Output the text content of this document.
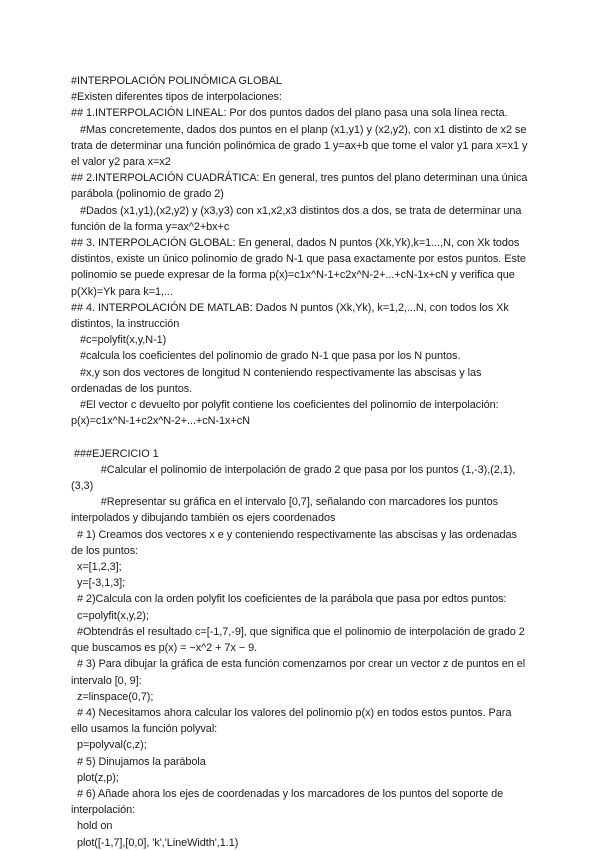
#INTERPOLACIÓN POLINÓMICA GLOBAL

#Existen diferentes tipos de interpolaciones:

## 1.INTERPOLACIÓN LINEAL: Por dos puntos dados del plano pasa una sola línea recta.

#Mas concretemente, dados dos puntos en el planp (x1,y1) y (x2,y2), con x1 distinto de x2 se trata de determinar una función polinómica de grado 1 y=ax+b que tome el valor y1 para x=x1 y el valor y2 para x=x2

## 2.INTERPOLACIÓN CUADRÁTICA: En general, tres puntos del plano determinan una única parábola (polinomio de grado 2)

#Dados (x1,y1),(x2,y2) y (x3,y3) con x1,x2,x3 distintos dos a dos, se trata de determinar una función de la forma y=ax^2+bx+c

## 3. INTERPOLACIÓN GLOBAL: En general, dados N puntos (Xk,Yk),k=1...,N, con Xk todos distintos, existe un único polinomio de grado N-1 que pasa exactamente por estos puntos. Este polinomio se puede expresar de la forma p(x)=c1x^N-1+c2x^N-2+...+cN-1x+cN y verifica que p(Xk)=Yk para k=1,...

## 4. INTERPOLACIÓN DE MATLAB: Dados N puntos (Xk,Yk), k=1,2,...N, con todos los Xk distintos, la instrucción

#c=polyfit(x,y,N-1)

#calcula los coeficientes del polinomio de grado N-1 que pasa por los N puntos.

#x,y son dos vectores de longitud N conteniendo respectivamente las abscisas y las ordenadas de los puntos.

#El vector c devuelto por polyfit contiene los coeficientes del polinomio de interpolación: p(x)=c1x^N-1+c2x^N-2+...+cN-1x+cN

###EJERCICIO 1

#Calcular el polinomio de interpolación de grado 2 que pasa por los puntos (1,-3),(2,1),(3,3)

#Representar su gráfica en el intervalo [0,7], señalando con marcadores los puntos interpolados y dibujando también os ejers coordenados

# 1) Creamos dos vectores x e y conteniendo respectivamente las abscisas y las ordenadas de los puntos:

x=[1,2,3];

y=[-3,1,3];

# 2)Calcula con la orden polyfit los coeficientes de la parábola que pasa por edtos puntos:

c=polyfit(x,y,2);

#Obtendrás el resultado c=[-1,7,-9], que significa que el polinomio de interpolación de grado 2 que buscamos es p(x) = −x^2 + 7x − 9.

# 3) Para dibujar la gráfica de esta función comenzamos por crear un vector z de puntos en el intervalo [0, 9]:

z=linspace(0,7);

# 4) Necesitamos ahora calcular los valores del polinomio p(x) en todos estos puntos. Para ello usamos la función polyval:

p=polyval(c,z);

# 5) Dinujamos la parábola

plot(z,p);

# 6) Añade ahora los ejes de coordenadas y los marcadores de los puntos del soporte de interpolación:

hold on

plot([-1,7],[0,0], 'k','LineWidth',1.1)
